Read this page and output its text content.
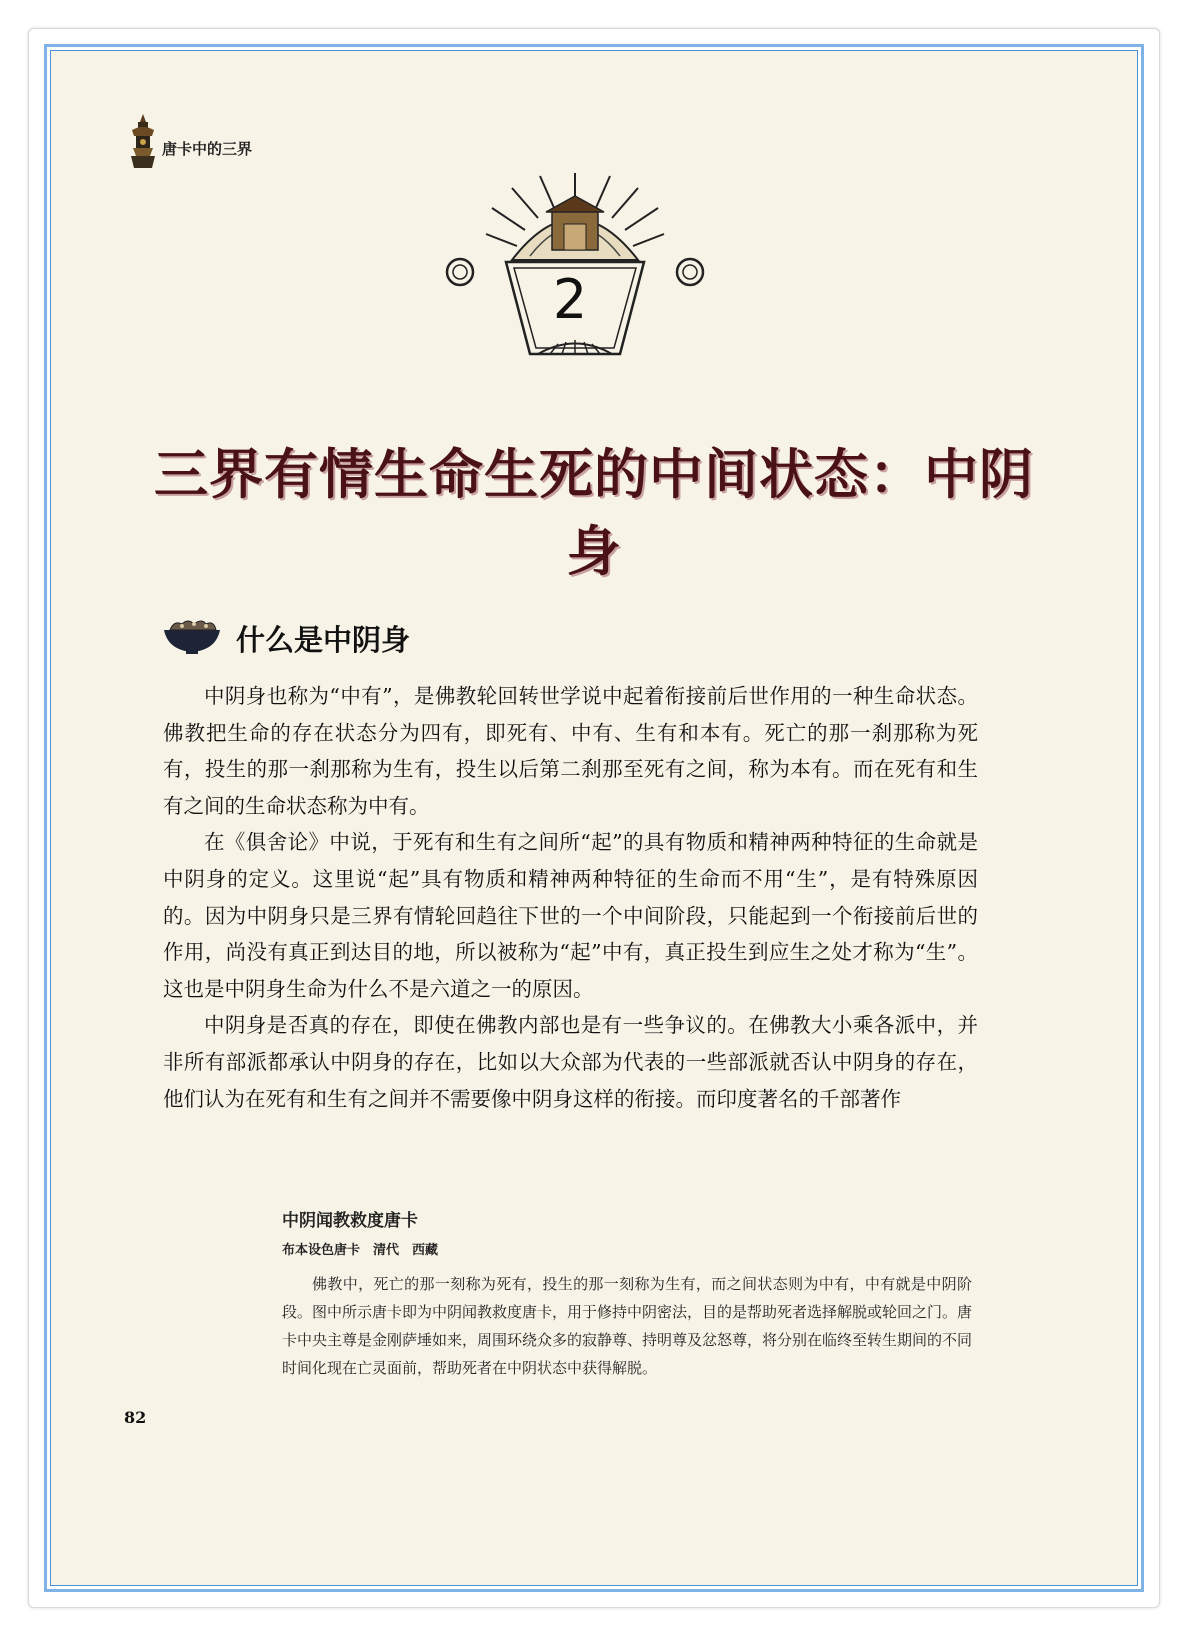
唐卡中的三界
2
三界有情生命生死的中间状态：中阴身
什么是中阴身

中阴身也称为“中有”，是佛教轮回转世学说中起着衔接前后世作用的一种生命状态。佛教把生命的存在状态分为四有，即死有、中有、生有和本有。死亡的那一刹那称为死有，投生的那一刹那称为生有，投生以后第二刹那至死有之间，称为本有。而在死有和生有之间的生命状态称为中有。

在《俱舍论》中说，于死有和生有之间所“起”的具有物质和精神两种特征的生命就是中阴身的定义。这里说“起”具有物质和精神两种特征的生命而不用“生”，是有特殊原因的。因为中阴身只是三界有情轮回趋往下世的一个中间阶段，只能起到一个衔接前后世的作用，尚没有真正到达目的地，所以被称为“起”中有，真正投生到应生之处才称为“生”。这也是中阴身生命为什么不是六道之一的原因。

中阴身是否真的存在，即使在佛教内部也是有一些争议的。在佛教大小乘各派中，并非所有部派都承认中阴身的存在，比如以大众部为代表的一些部派就否认中阴身的存在，他们认为在死有和生有之间并不需要像中阴身这样的衔接。而印度著名的千部著作

中阴闻教救度唐卡
布本设色唐卡　清代　西藏
佛教中，死亡的那一刻称为死有，投生的那一刻称为生有，而之间状态则为中有，中有就是中阴阶段。图中所示唐卡即为中阴闻教救度唐卡，用于修持中阴密法，目的是帮助死者选择解脱或轮回之门。唐卡中央主尊是金刚萨埵如来，周围环绕众多的寂静尊、持明尊及忿怒尊，将分别在临终至转生期间的不同时间化现在亡灵面前，帮助死者在中阴状态中获得解脱。
82
